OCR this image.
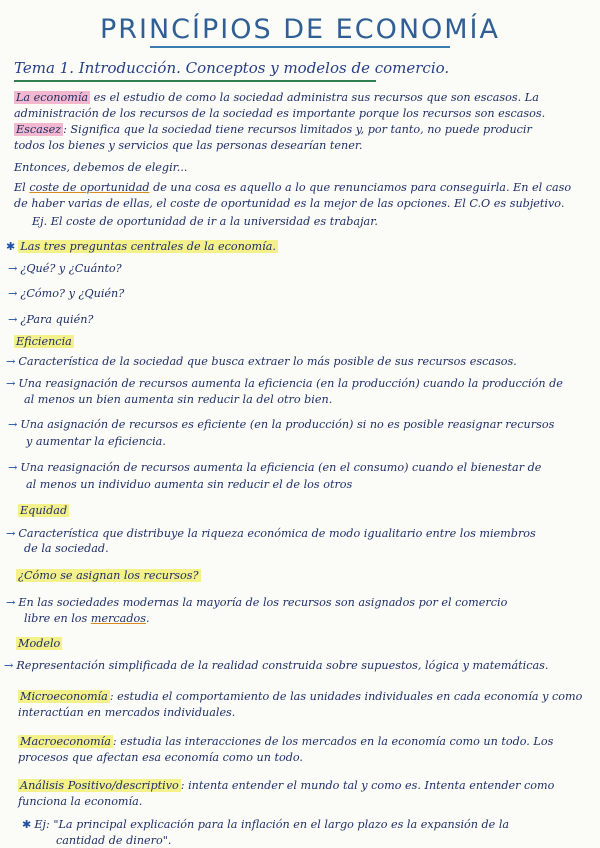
PRINCÍPIOS DE ECONOMÍA
Tema 1. Introducción. Conceptos y modelos de comercio.
La economía es el estudio de como la sociedad administra sus recursos que son escasos. La
administración de los recursos de la sociedad es importante porque los recursos son escasos.
Escasez : Significa que la sociedad tiene recursos limitados y, por tanto, no puede producir
todos los bienes y servicios que las personas desearían tener.
Entonces, debemos de elegir...
El coste de oportunidad de una cosa es aquello a lo que renunciamos para conseguirla. En el caso
de haber varias de ellas, el coste de oportunidad es la mejor de las opciones. El C.O es subjetivo.
Ej. El coste de oportunidad de ir a la universidad es trabajar.
✱ Las tres preguntas centrales de la economía.
→ ¿Qué? y ¿Cuánto?
→ ¿Cómo? y ¿Quién?
→ ¿Para quién?
Eficiencia
→ Característica de la sociedad que busca extraer lo más posible de sus recursos escasos.
→ Una reasignación de recursos aumenta la eficiencia (en la producción) cuando la producción de
al menos un bien aumenta sin reducir la del otro bien.
→ Una asignación de recursos es eficiente (en la producción) si no es posible reasignar recursos
y aumentar la eficiencia.
→ Una reasignación de recursos aumenta la eficiencia (en el consumo) cuando el bienestar de
al menos un individuo aumenta sin reducir el de los otros
Equidad
→ Característica que distribuye la riqueza económica de modo igualitario entre los miembros
de la sociedad.
¿Cómo se asignan los recursos?
→ En las sociedades modernas la mayoría de los recursos son asignados por el comercio
libre en los mercados.
Modelo
→ Representación simplificada de la realidad construida sobre supuestos, lógica y matemáticas.
Microeconomía : estudia el comportamiento de las unidades individuales en cada economía y como
interactúan en mercados individuales.
Macroeconomía : estudia las interacciones de los mercados en la economía como un todo. Los
procesos que afectan esa economía como un todo.
Análisis Positivo/descriptivo : intenta entender el mundo tal y como es. Intenta entender como
funciona la economía.
✱ Ej: "La principal explicación para la inflación en el largo plazo es la expansión de la
cantidad de dinero".
